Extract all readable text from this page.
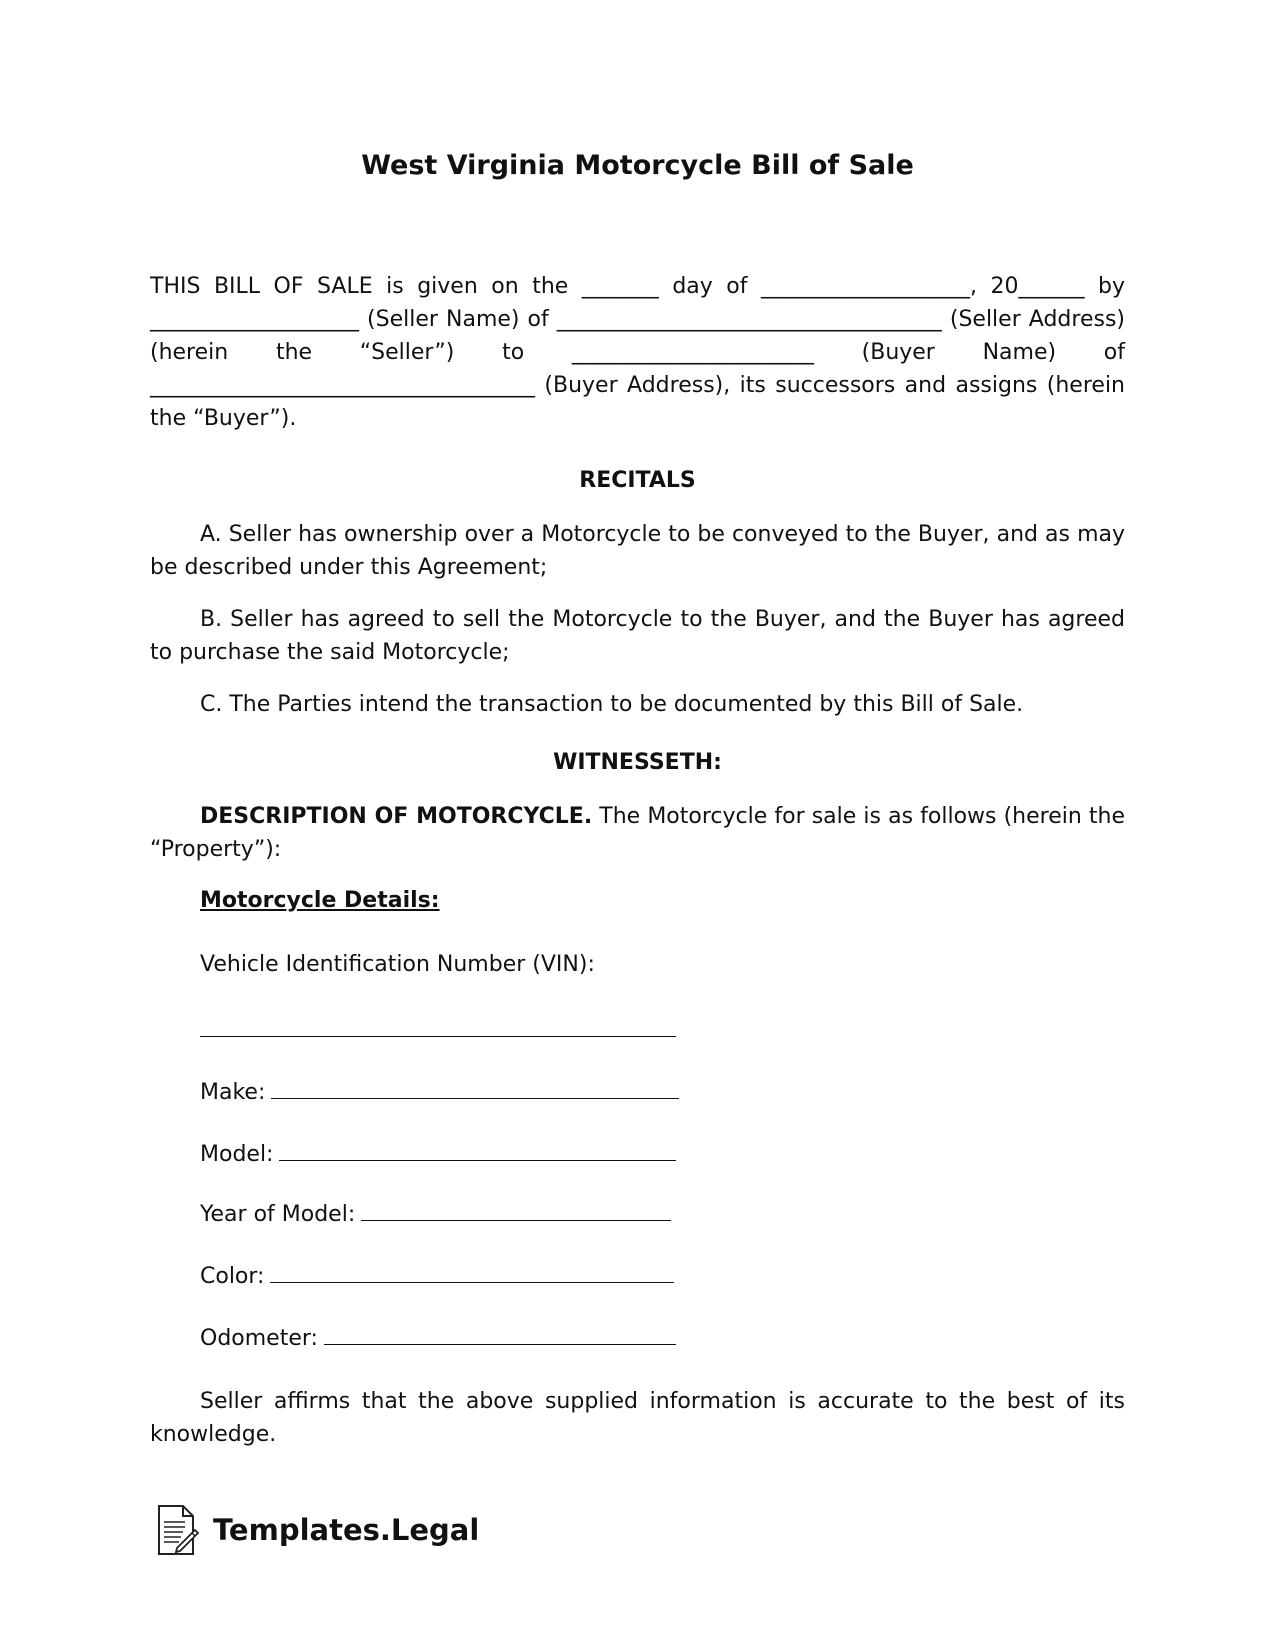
West Virginia Motorcycle Bill of Sale
THIS BILL OF SALE is given on the _______ day of ___________________, 20______ by ___________________ (Seller Name) of ___________________________________ (Seller Address) (herein the “Seller”) to ______________________ (Buyer Name) of ___________________________________ (Buyer Address), its successors and assigns (herein the “Buyer”).
RECITALS

A. Seller has ownership over a Motorcycle to be conveyed to the Buyer, and as may be described under this Agreement;

B. Seller has agreed to sell the Motorcycle to the Buyer, and the Buyer has agreed to purchase the said Motorcycle;

C. The Parties intend the transaction to be documented by this Bill of Sale.

WITNESSETH:

DESCRIPTION OF MOTORCYCLE. The Motorcycle for sale is as follows (herein the “Property”):

Motorcycle Details:
Vehicle Identification Number (VIN):
Make:
Model:
Year of Model:
Color:
Odometer:

Seller affirms that the above supplied information is accurate to the best of its knowledge.

Templates.Legal
